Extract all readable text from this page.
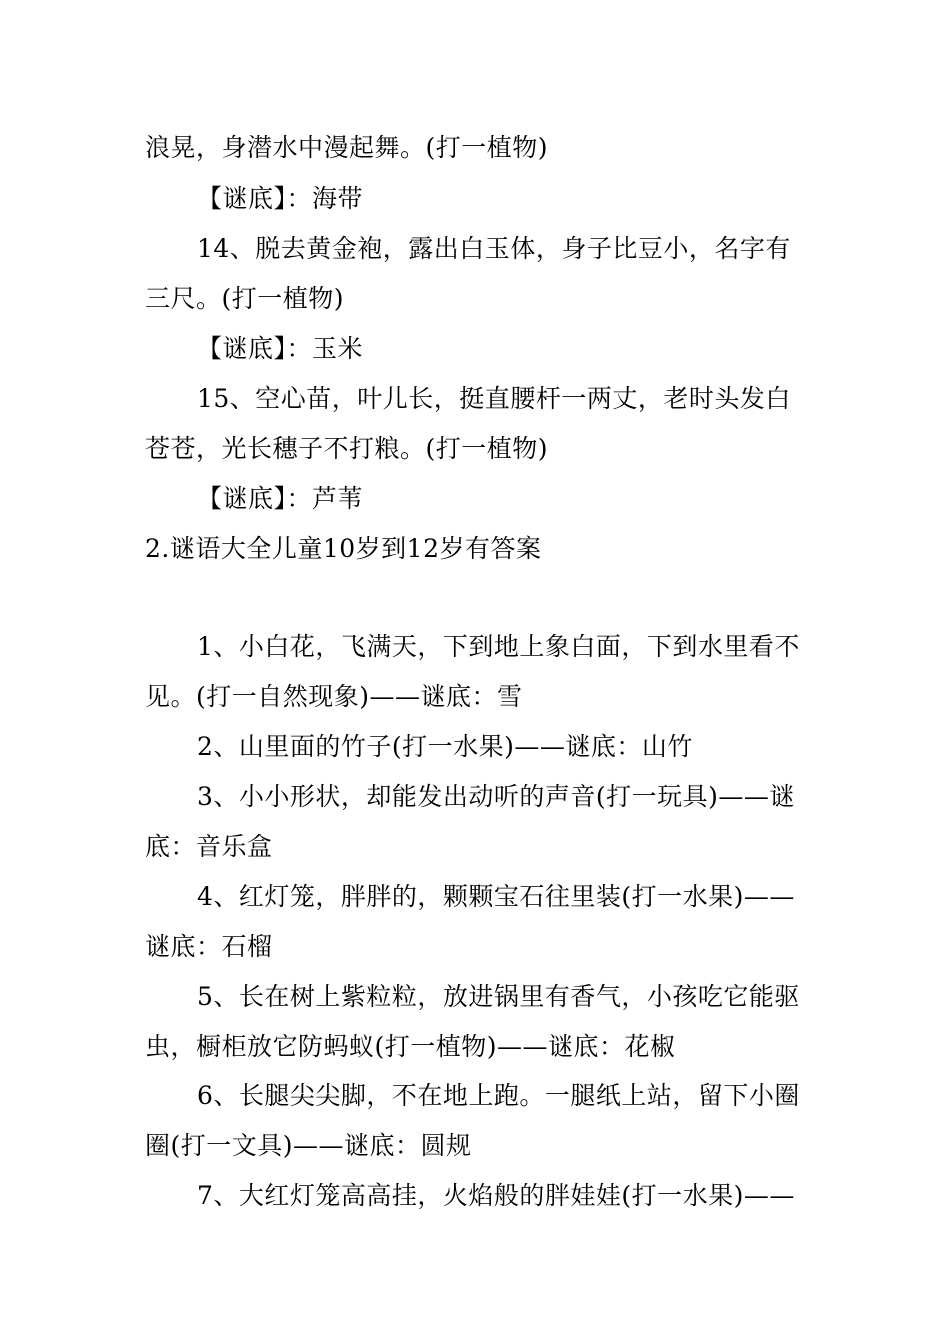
浪晃，身潜水中漫起舞。(打一植物)
【谜底】：海带
14、脱去黄金袍，露出白玉体，身子比豆小，名字有
三尺。(打一植物)
【谜底】：玉米
15、空心苗，叶儿长，挺直腰杆一两丈，老时头发白
苍苍，光长穗子不打粮。(打一植物)
【谜底】：芦苇
2.谜语大全儿童10岁到12岁有答案
1、小白花，飞满天，下到地上象白面，下到水里看不
见。(打一自然现象)——谜底：雪
2、山里面的竹子(打一水果)——谜底：山竹
3、小小形状，却能发出动听的声音(打一玩具)——谜
底：音乐盒
4、红灯笼，胖胖的，颗颗宝石往里装(打一水果)——
谜底：石榴
5、长在树上紫粒粒，放进锅里有香气，小孩吃它能驱
虫，橱柜放它防蚂蚁(打一植物)——谜底：花椒
6、长腿尖尖脚，不在地上跑。一腿纸上站，留下小圈
圈(打一文具)——谜底：圆规
7、大红灯笼高高挂，火焰般的胖娃娃(打一水果)——
